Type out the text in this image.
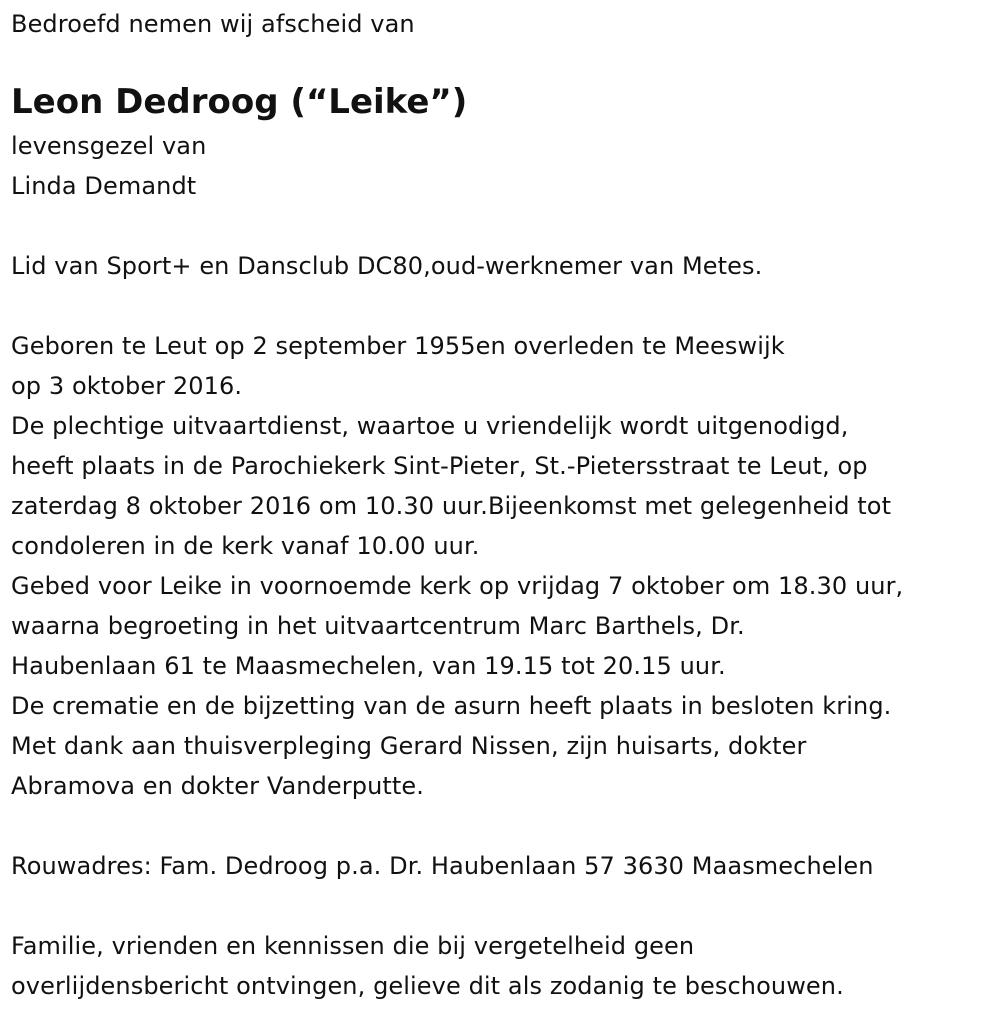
Bedroefd nemen wij afscheid van
Leon Dedroog (“Leike”)
levensgezel van
Linda Demandt
Lid van Sport+ en Dansclub DC80,oud-werknemer van Metes.
Geboren te Leut op 2 september 1955en overleden te Meeswijk
op 3 oktober 2016.
De plechtige uitvaartdienst, waartoe u vriendelijk wordt uitgenodigd,
heeft plaats in de Parochiekerk Sint-Pieter, St.-Pietersstraat te Leut, op
zaterdag 8 oktober 2016 om 10.30 uur.Bijeenkomst met gelegenheid tot
condoleren in de kerk vanaf 10.00 uur.
Gebed voor Leike in voornoemde kerk op vrijdag 7 oktober om 18.30 uur,
waarna begroeting in het uitvaartcentrum Marc Barthels, Dr.
Haubenlaan 61 te Maasmechelen, van 19.15 tot 20.15 uur.
De crematie en de bijzetting van de asurn heeft plaats in besloten kring.
Met dank aan thuisverpleging Gerard Nissen, zijn huisarts, dokter
Abramova en dokter Vanderputte.
Rouwadres: Fam. Dedroog p.a. Dr. Haubenlaan 57 3630 Maasmechelen
Familie, vrienden en kennissen die bij vergetelheid geen
overlijdensbericht ontvingen, gelieve dit als zodanig te beschouwen.
